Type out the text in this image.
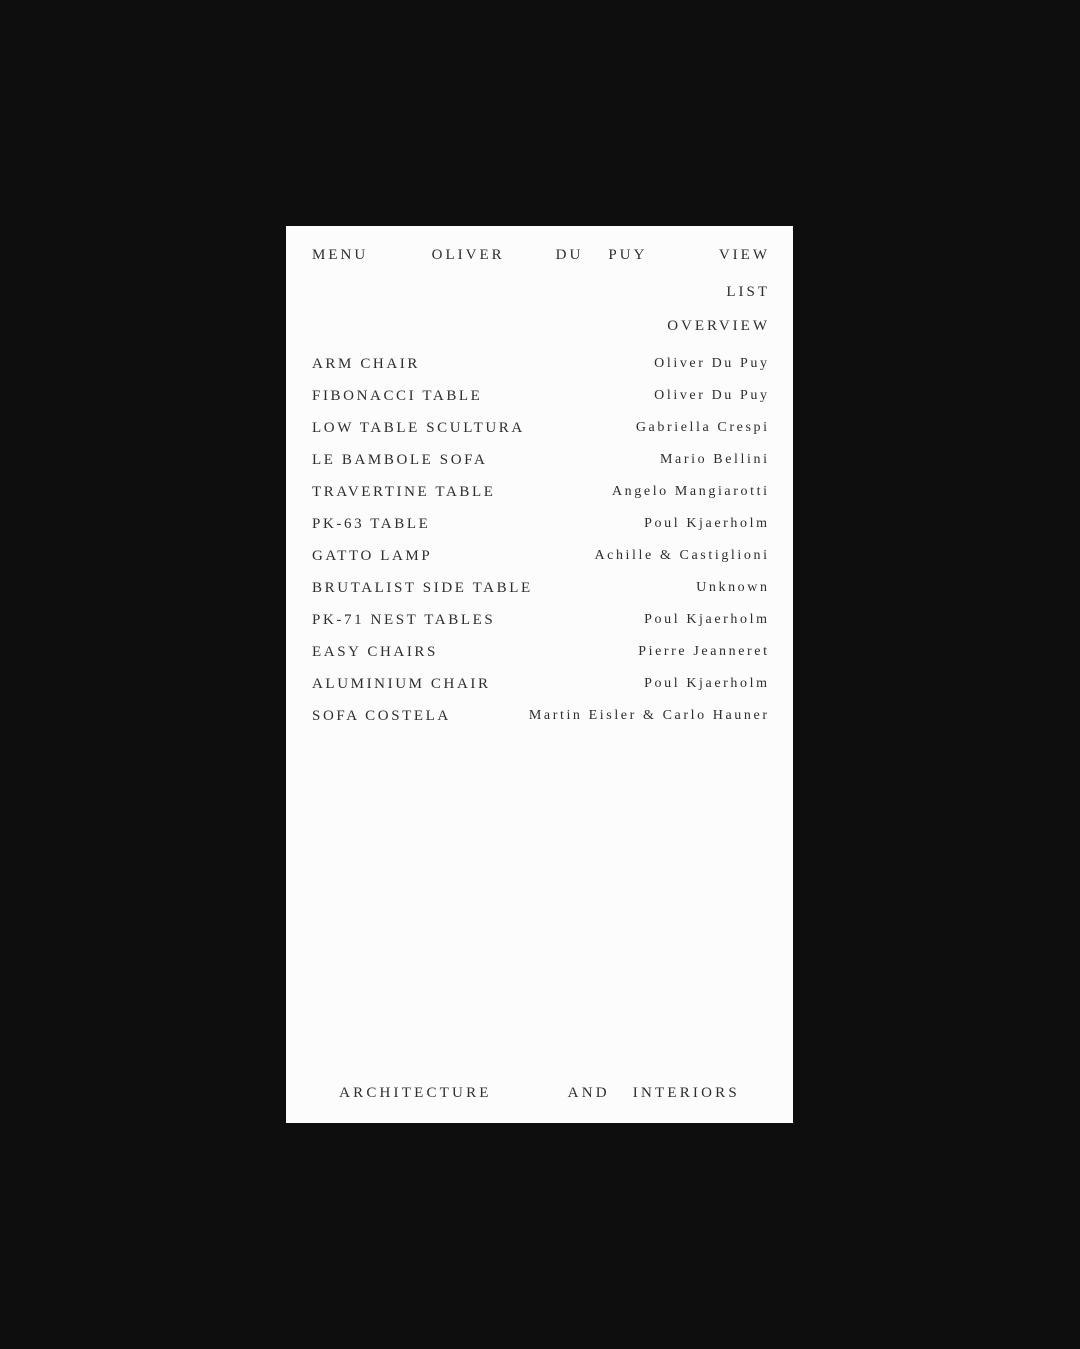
MENU	OLIVER	DU PUY	VIEW
LIST
OVERVIEW
ARM CHAIR	Oliver Du Puy
FIBONACCI TABLE	Oliver Du Puy
LOW TABLE SCULTURA	Gabriella Crespi
LE BAMBOLE SOFA	Mario Bellini
TRAVERTINE TABLE	Angelo Mangiarotti
PK-63 TABLE	Poul Kjaerholm
GATTO LAMP	Achille & Castiglioni
BRUTALIST SIDE TABLE	Unknown
PK-71 NEST TABLES	Poul Kjaerholm
EASY CHAIRS	Pierre Jeanneret
ALUMINIUM CHAIR	Poul Kjaerholm
SOFA COSTELA	Martin Eisler & Carlo Hauner
ARCHITECTURE	AND INTERIORS
